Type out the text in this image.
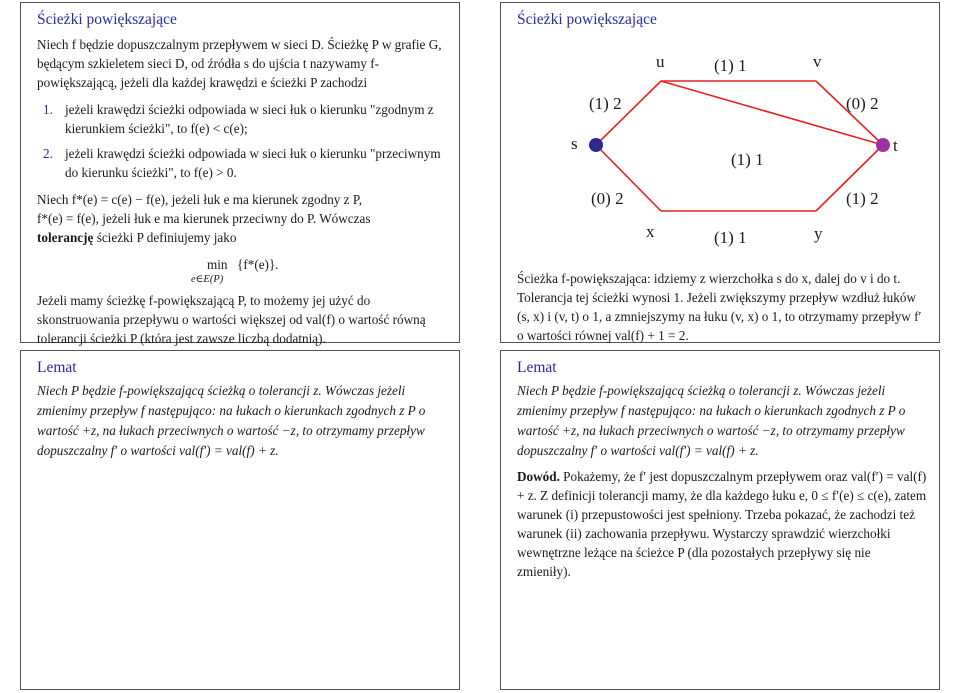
Ścieżki powiększające
Niech f będzie dopuszczalnym przepływem w sieci D. Ścieżkę P w grafie G, będącym szkieletem sieci D, od źródła s do ujścia t nazywamy f-powiększającą, jeżeli dla każdej krawędzi e ścieżki P zachodzi
1. jeżeli krawędzi ścieżki odpowiada w sieci łuk o kierunku "zgodnym z kierunkiem ścieżki", to f(e) < c(e);
2. jeżeli krawędzi ścieżki odpowiada w sieci łuk o kierunku "przeciwnym do kierunku ścieżki", to f(e) > 0.
Niech f*(e) = c(e) − f(e), jeżeli łuk e ma kierunek zgodny z P,
f*(e) = f(e), jeżeli łuk e ma kierunek przeciwny do P. Wówczas
tolerancję ścieżki P definiujemy jako
min
e∈E(P)
{f*(e)}.
Jeżeli mamy ścieżkę f-powiększającą P, to możemy jej użyć do skonstruowania przepływu o wartości większej od val(f) o wartość równą tolerancji ścieżki P (która jest zawsze liczbą dodatnią).
Ścieżki powiększające
s
u	v
t
x	y
(1) 2
(1) 1
(0) 2
(1) 1
(0) 2
(1) 1
(1) 2
Ścieżka f-powiększająca: idziemy z wierzchołka s do x, dalej do v i do t. Tolerancja tej ścieżki wynosi 1. Jeżeli zwiększymy przepływ wzdłuż łuków (s, x) i (v, t) o 1, a zmniejszymy na łuku (v, x) o 1, to otrzymamy przepływ f′ o wartości równej val(f) + 1 = 2.
Lemat
Niech P będzie f-powiększającą ścieżką o tolerancji z. Wówczas jeżeli zmienimy przepływ f następująco: na łukach o kierunkach zgodnych z P o wartość +z, na łukach przeciwnych o wartość −z, to otrzymamy przepływ dopuszczalny f′ o wartości val(f′) = val(f) + z.
Lemat
Niech P będzie f-powiększającą ścieżką o tolerancji z. Wówczas jeżeli zmienimy przepływ f następująco: na łukach o kierunkach zgodnych z P o wartość +z, na łukach przeciwnych o wartość −z, to otrzymamy przepływ dopuszczalny f′ o wartości val(f′) = val(f) + z.
Dowód. Pokażemy, że f′ jest dopuszczalnym przepływem oraz val(f′) = val(f) + z. Z definicji tolerancji mamy, że dla każdego łuku e, 0 ≤ f′(e) ≤ c(e), zatem warunek (i) przepustowości jest spełniony. Trzeba pokazać, że zachodzi też warunek (ii) zachowania przepływu. Wystarczy sprawdzić wierzchołki wewnętrzne leżące na ścieżce P (dla pozostałych przepływy się nie zmieniły).
